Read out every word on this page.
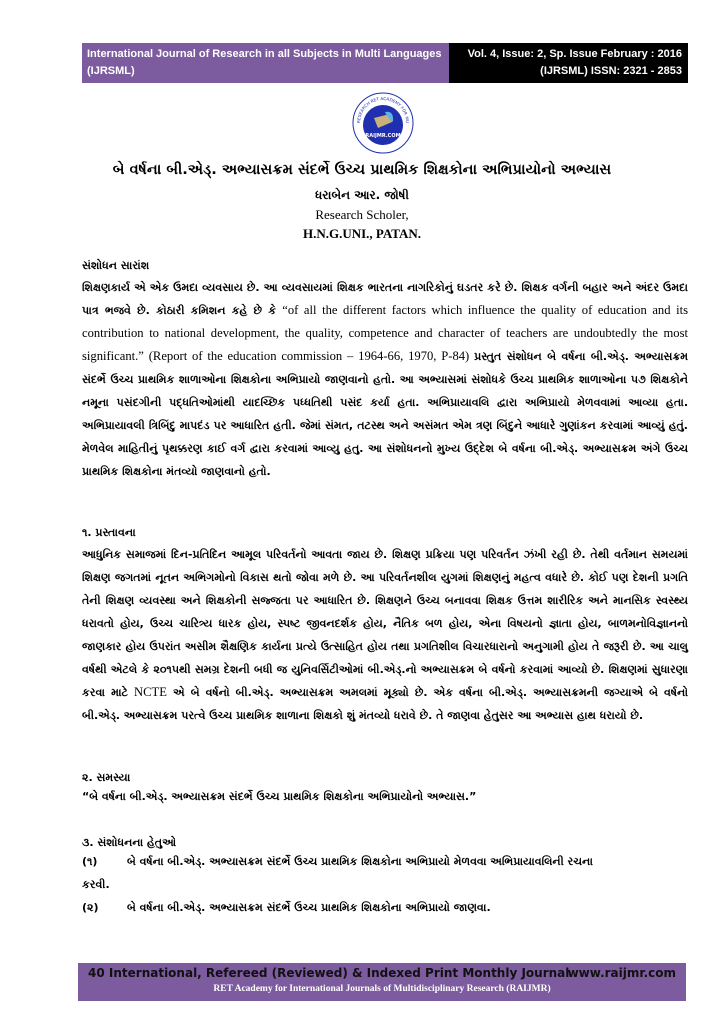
International Journal of Research in all Subjects in Multi Languages
(IJRSML)
Vol. 4, Issue: 2, Sp. Issue February : 2016
(IJRSML) ISSN: 2321 - 2853
RESEARCH RET ACADEMY FOR MU
RAIJMR.COM
બે વર્ષના બી.એડ્. અભ્યાસક્રમ સંદર્ભે ઉચ્ચ પ્રાથમિક શિક્ષકોના અભિપ્રાયોનો અભ્યાસ
ધરાબેન આર. જોષી
Research Scholer,
H.N.G.UNI., PATAN.
સંશોધન સારાંશ
શિક્ષણકાર્ય એ એક ઉમદા વ્યવસાય છે. આ વ્યવસાયમાં શિક્ષક ભારતના નાગરિકોનું ઘડતર કરે છે. શિક્ષક વર્ગની બહાર અને અંદર ઉમદા પાત્ર ભજવે છે. કોઠારી કમિશન કહે છે કે “of all the different factors which influence the quality of education and its contribution to national development, the quality, competence and character of teachers are undoubtedly the most significant.” (Report of the education commission – 1964-66, 1970, P-84) પ્રસ્તુત સંશોધન બે વર્ષના બી.એડ્. અભ્યાસક્રમ સંદર્ભે ઉચ્ચ પ્રાથમિક શાળાઓના શિક્ષકોના અભિપ્રાયો જાણવાનો હતો. આ અભ્યાસમાં સંશોધકે ઉચ્ચ પ્રાથમિક શાળાઓના ૫૭ શિક્ષકોને નમૂના પસંદગીની પદ્ધતિઓમાંથી યાદચ્છિક પધ્ધતિથી પસંદ કર્યા હતા. અભિપ્રાયાવલિ દ્વારા અભિપ્રાયો મેળવવામાં આવ્યા હતા. અભિપ્રાયાવલી ત્રિબિંદુ માપદંડ પર આધારિત હતી. જેમાં સંમત, તટસ્થ અને અસંમત એમ ત્રણ બિંદુને આધારે ગુણાંકન કરવામાં આવ્યું હતું. મેળવેલ માહિતીનું પૃથક્કરણ કાઈ વર્ગ દ્વારા કરવામાં આવ્યુ હતુ. આ સંશોધનનો મુખ્ય ઉદ્દેશ બે વર્ષના બી.એડ્. અભ્યાસક્રમ અંગે ઉચ્ચ પ્રાથમિક શિક્ષકોના મંતવ્યો જાણવાનો હતો.
૧. પ્રસ્તાવના
આધુનિક સમાજમાં દિન-પ્રતિદિન આમૂલ પરિવર્તનો આવતા જાય છે. શિક્ષણ પ્રક્રિયા પણ પરિવર્તન ઝંખી રહી છે. તેથી વર્તમાન સમયમાં શિક્ષણ જગતમાં નૂતન અભિગમોનો વિકાસ થતો જોવા મળે છે. આ પરિવર્તનશીલ યુગમાં શિક્ષણનું મહત્વ વધારે છે. કોઈ પણ દેશની પ્રગતિ તેની શિક્ષણ વ્યવસ્થા અને શિક્ષકોની સજ્જતા પર આધારિત છે. શિક્ષણને ઉચ્ચ બનાવવા શિક્ષક ઉત્તમ શારીરિક અને માનસિક સ્વસ્થ્ય ધરાવતો હોય, ઉચ્ચ ચારિત્ર્ય ધારક હોય, સ્પષ્ટ જીવનદર્શક હોય, નૈતિક બળ હોય, એના વિષયનો જ્ઞાતા હોય, બાળમનોવિજ્ઞાનનો જાણકાર હોય ઉપરાંત અસીમ શૈક્ષણિક કાર્યના પ્રત્યે ઉત્સાહિત હોય તથા પ્રગતિશીલ વિચારધારાનો અનુગામી હોય તે જરૂરી છે. આ ચાલુ વર્ષથી એટલે કે ૨૦૧૫થી સમગ્ર દેશની બધી જ યુનિવર્સિટીઓમાં બી.એડ્.નો અભ્યાસક્રમ બે વર્ષનો કરવામાં આવ્યો છે. શિક્ષણમાં સુધારણા કરવા માટે NCTE એ બે વર્ષનો બી.એડ્. અભ્યાસક્રમ અમલમાં મૂક્યો છે. એક વર્ષના બી.એડ્. અભ્યાસક્રમની જગ્યાએ બે વર્ષનો બી.એડ્. અભ્યાસક્રમ પરત્વે ઉચ્ચ પ્રાથમિક શાળાના શિક્ષકો શું મંતવ્યો ધરાવે છે. તે જાણવા હેતુસર આ અભ્યાસ હાથ ધરાયો છે.
૨. સમસ્યા
“બે વર્ષના બી.એડ્. અભ્યાસક્રમ સંદર્ભે ઉચ્ચ પ્રાથમિક શિક્ષકોના અભિપ્રાયોનો અભ્યાસ.”
૩. સંશોધનના હેતુઓ
(૧)	બે વર્ષના બી.એડ્. અભ્યાસક્રમ સંદર્ભે ઉચ્ચ પ્રાથમિક શિક્ષકોના અભિપ્રાયો મેળવવા અભિપ્રાયાવલિની રચના
કરવી.
(૨)	બે વર્ષના બી.એડ્. અભ્યાસક્રમ સંદર્ભે ઉચ્ચ પ્રાથમિક શિક્ષકોના અભિપ્રાયો જાણવા.
40 International, Refereed (Reviewed) & Indexed Print Monthly Journal
www.raijmr.com
RET Academy for International Journals of Multidisciplinary Research (RAIJMR)
